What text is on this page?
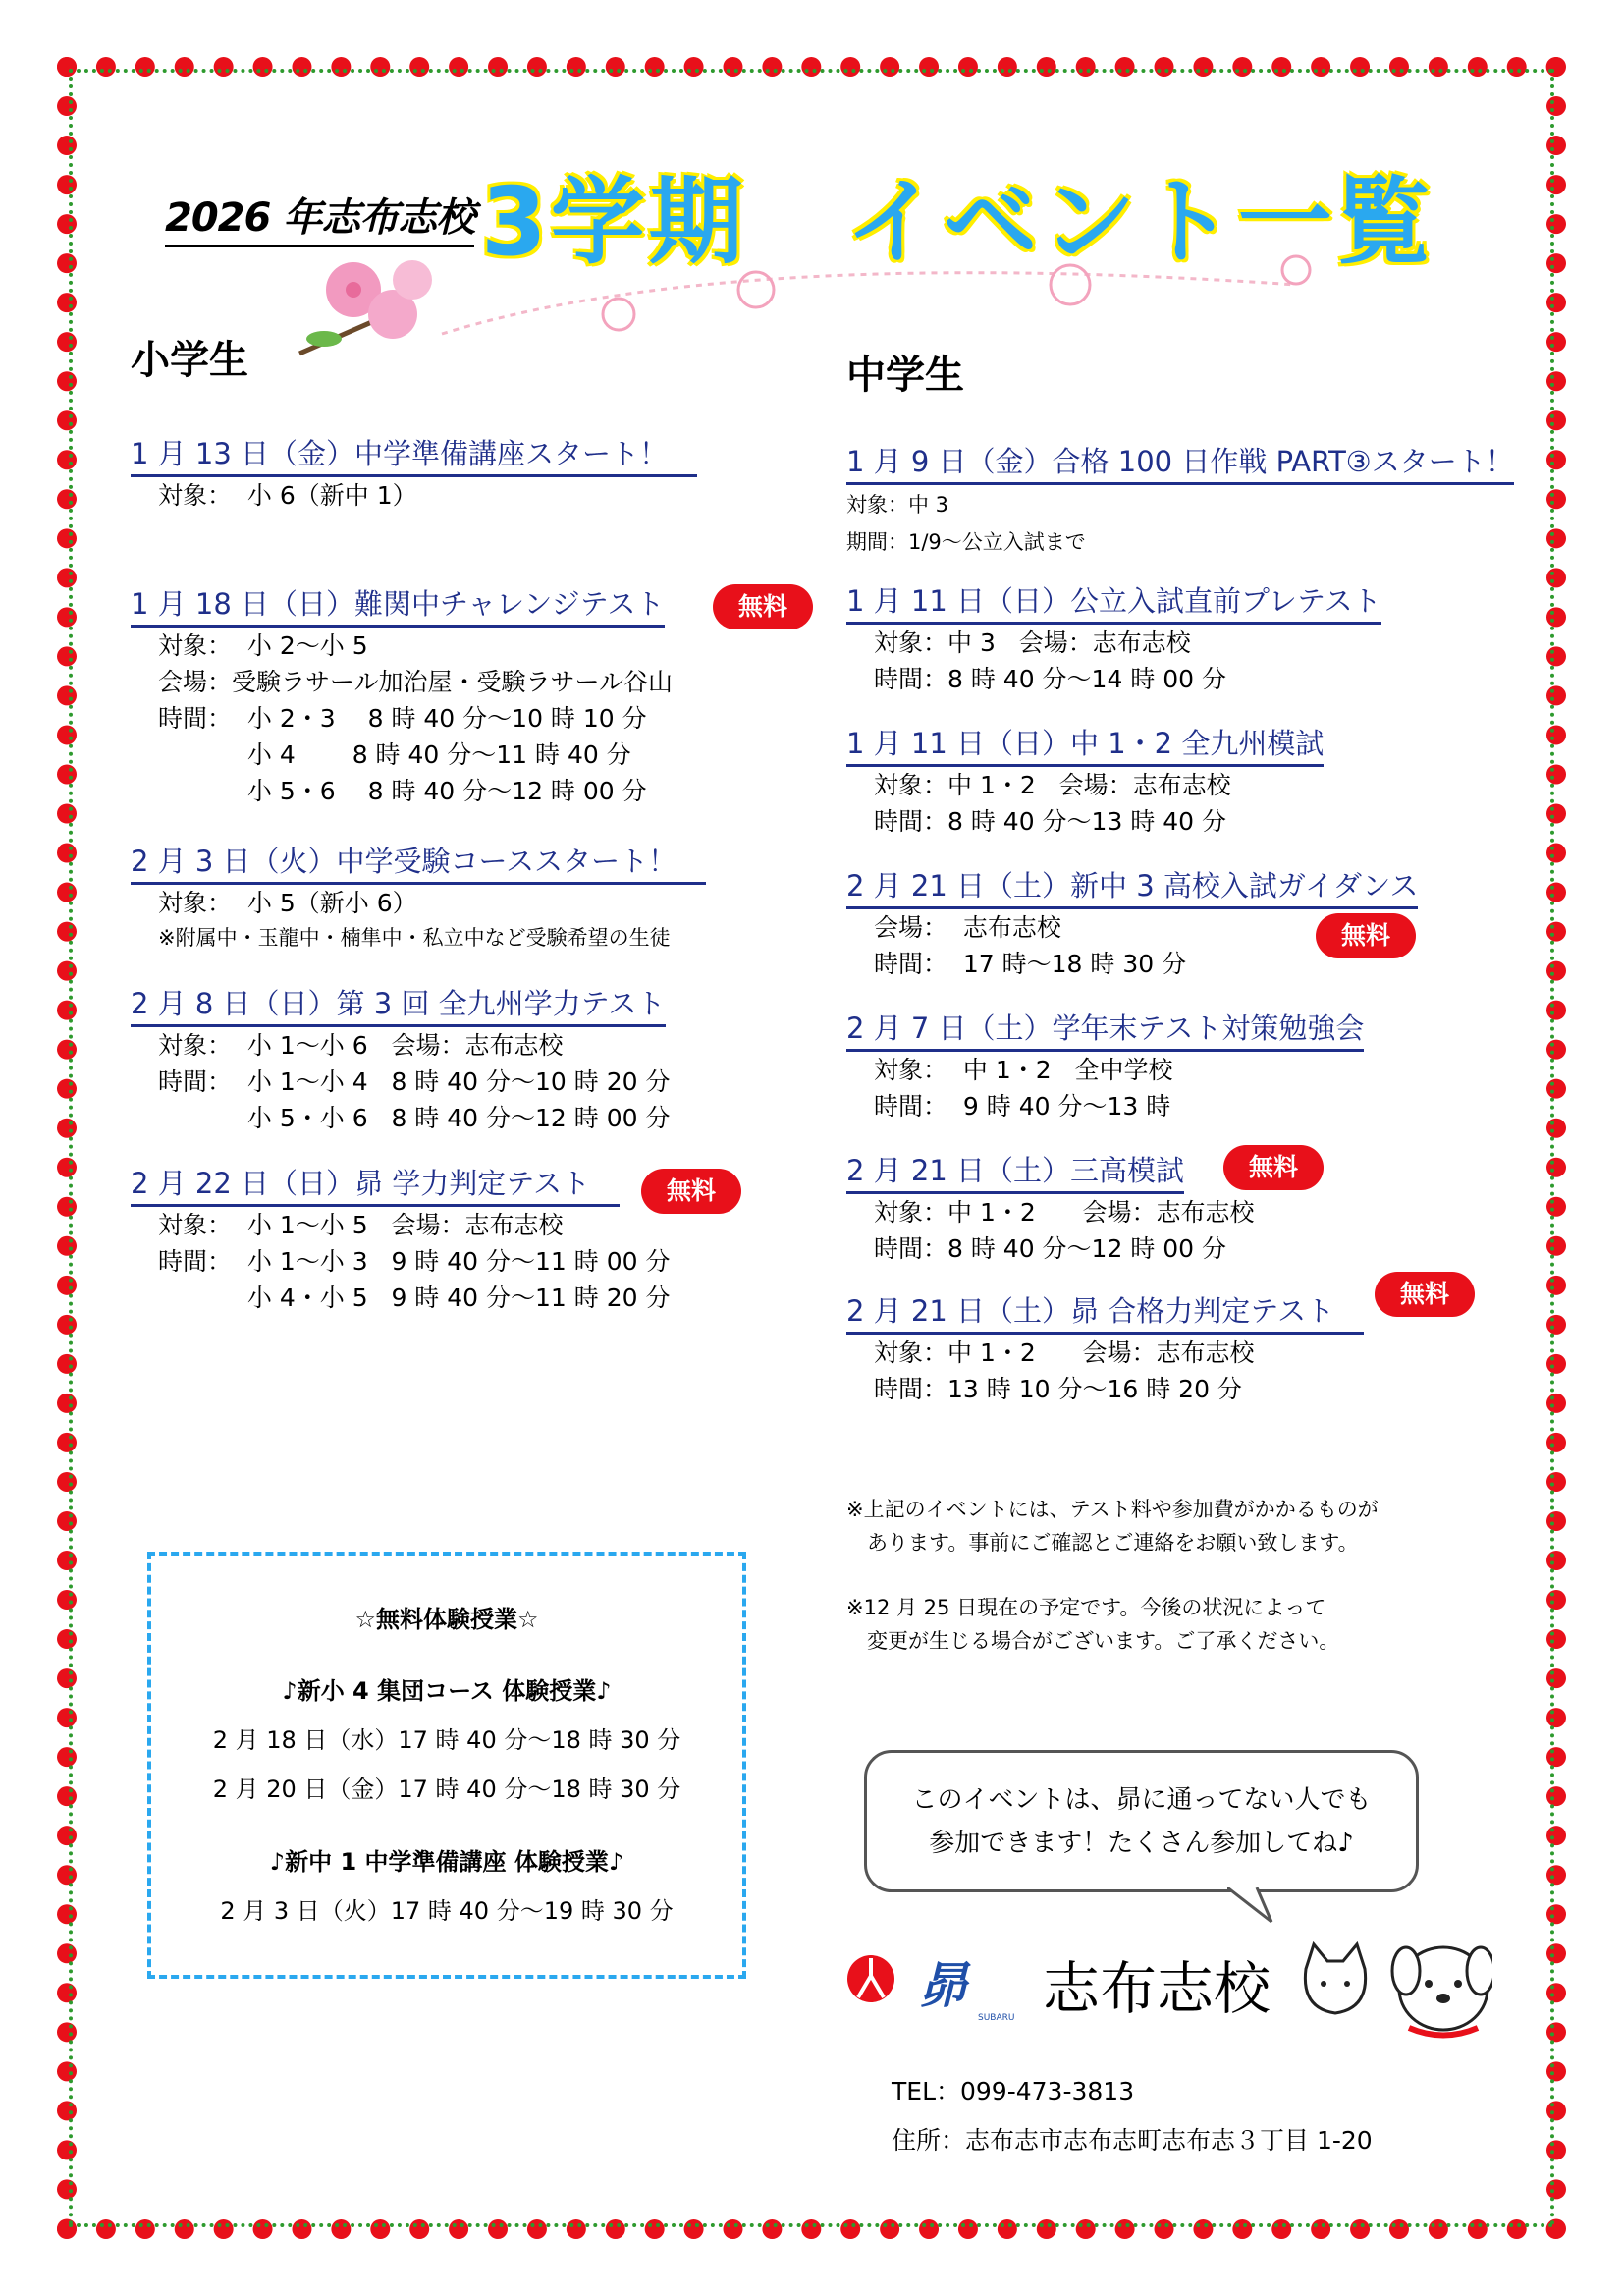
2026 年志布志校 3学期　イベント一覧
小学生
1 月 13 日（金）中学準備講座スタート！
対象：  小 6（新中 1）
1 月 18 日（日）難関中チャレンジテスト
対象：  小 2～小 5
会場：受験ラサール加治屋・受験ラサール谷山
時間：  小 2・3　 8 時 40 分～10 時 10 分
　　　  小 4　　 8 時 40 分～11 時 40 分
　　　  小 5・6　 8 時 40 分～12 時 00 分
無料
2 月 3 日（火）中学受験コーススタート！
対象：  小 5（新小 6）
※附属中・玉龍中・楠隼中・私立中など受験希望の生徒
2 月 8 日（日）第 3 回 全九州学力テスト
対象：  小 1～小 6   会場：志布志校
時間：  小 1～小 4   8 時 40 分～10 時 20 分
　　　  小 5・小 6   8 時 40 分～12 時 00 分
2 月 22 日（日）昴 学力判定テスト
対象：  小 1～小 5   会場：志布志校
時間：  小 1～小 3   9 時 40 分～11 時 00 分
　　　  小 4・小 5   9 時 40 分～11 時 20 分
無料
中学生
1 月 9 日（金）合格 100 日作戦 PART③スタート！
対象：中 3
期間：1/9～公立入試まで
1 月 11 日（日）公立入試直前プレテスト
対象：中 3   会場：志布志校
時間：8 時 40 分～14 時 00 分
1 月 11 日（日）中 1・2 全九州模試
対象：中 1・2   会場：志布志校
時間：8 時 40 分～13 時 40 分
2 月 21 日（土）新中 3 高校入試ガイダンス
会場：  志布志校
時間：  17 時～18 時 30 分
無料
2 月 7 日（土）学年末テスト対策勉強会
対象：  中 1・2   全中学校
時間：  9 時 40 分～13 時
2 月 21 日（土）三高模試
対象：中 1・2      会場：志布志校
時間：8 時 40 分～12 時 00 分
無料
2 月 21 日（土）昴 合格力判定テスト
対象：中 1・2      会場：志布志校
時間：13 時 10 分～16 時 20 分
無料
※上記のイベントには、テスト料や参加費がかかるものが
　あります。事前にご確認とご連絡をお願い致します。
※12 月 25 日現在の予定です。今後の状況によって
　変更が生じる場合がございます。ご了承ください。
☆無料体験授業☆
♪新小 4 集団コース 体験授業♪
2 月 18 日（水）17 時 40 分～18 時 30 分
2 月 20 日（金）17 時 40 分～18 時 30 分
♪新中 1 中学準備講座 体験授業♪
2 月 3 日（火）17 時 40 分～19 時 30 分
このイベントは、昴に通ってない人でも
参加できます！たくさん参加してね♪
昴
SUBARU 志布志校
TEL：099-473-3813
住所：志布志市志布志町志布志３丁目 1-20
